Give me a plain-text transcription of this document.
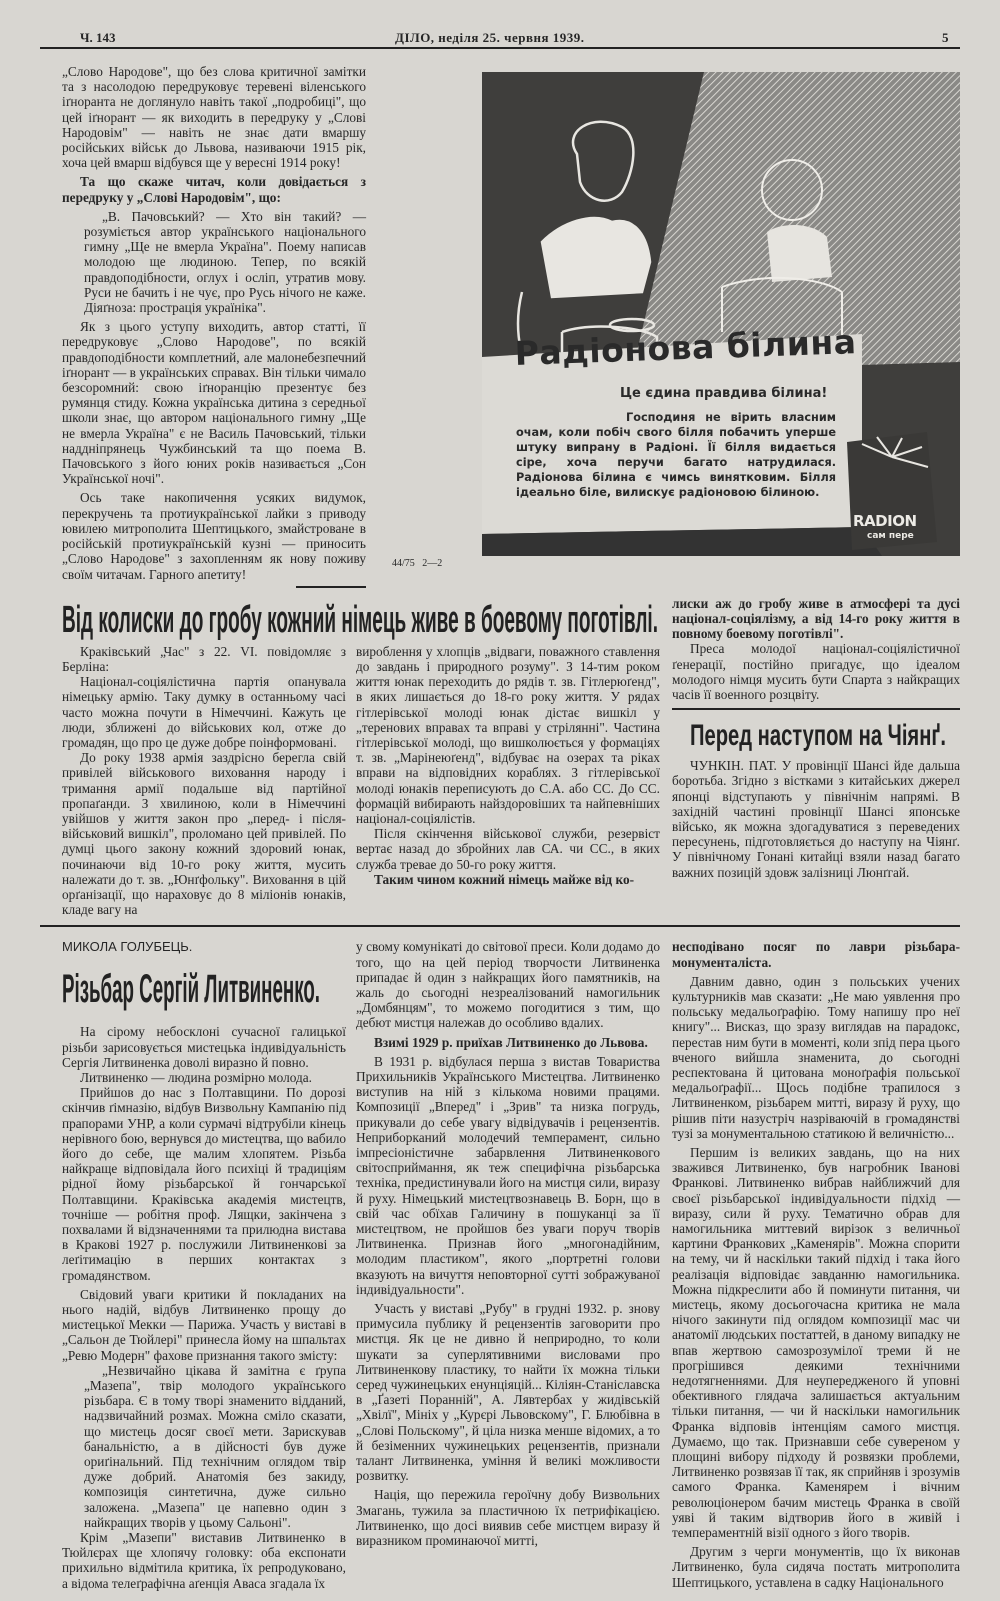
Ч. 143	ДІЛО, неділя 25. червня 1939.	5

„Слово Народове", що без слова критичної замітки та з насолодою передруковує теревені віленського іґноранта не доглянуло навіть такої „подробиці", що цей іґнорант — як виходить в передруку у „Слові Народовім" — навіть не знає дати вмаршу російських військ до Львова, називаючи 1915 рік, хоча цей вмарш відбувся ще у вересні 1914 року!

Та що скаже читач, коли довідається з передруку у „Слові Народовім", що:

„В. Пачовський? — Хто він такий? — розуміється автор українського національного гимну „Ще не вмерла Україна". Поему написав молодою ще людиною. Тепер, по всякій правдоподібности, оглух і осліп, утратив мову. Руси не бачить і не чує, про Русь нічого не каже. Діяґноза: прострація україніка".

Як з цього уступу виходить, автор статті, її передруковує „Слово Народове", по всякій правдоподібности комплетний, але малонебезпечний іґнорант — в українських справах. Він тільки чимало безсоромний: свою іґноранцію презентує без румянця стиду. Кожна українська дитина з середньої школи знає, що автором національного гимну „Ще не вмерла Україна" є не Василь Пачовський, тільки наддніпрянець Чужбинський та що поема В. Пачовського з його юних років називається „Сон Української ночі".

Ось таке накопичення усяких видумок, перекручень та протиукраїнської лайки з приводу ювилею митрополита Шептицького, змайстроване в російській протиукраїнській кузні — приносить „Слово Народове" з захопленням як нову поживу своїм читачам. Гарного апетиту!

Радіонова білина
Це єдина правдива білина!
Господиня не вірить власним очам, коли побіч свого білля побачить уперше штуку випрану в Радіоні. Її білля видається сіре, хоча перучи багато натрудилася. Радіонова білина є чимсь винятковим. Білля ідеально біле, вилискує радіоновою білиною.
RADION
сам пере
44/75   2—2
Від колиски до гробу кожний німець живе в боевому поготівлі.

Краківський „Час" з 22. VI. повідомляє з Берліна:

Націонал-соціялістична партія опанувала німецьку армію. Таку думку в останньому часі часто можна почути в Німеччині. Кажуть це люди, зближені до військових кол, отже до громадян, що про це дуже добре поінформовані.

До року 1938 армія заздрісно берегла свій привілей військового виховання народу і тримання армії подальше від партійної пропаґанди. З хвилиною, коли в Німеччині увійшов у життя закон про „перед- і після-військовий вишкіл", проломано цей привілей. По думці цього закону кожний здоровий юнак, починаючи від 10-го року життя, мусить належати до т. зв. „Юнґфольку". Виховання в цій орґанізації, що нараховує до 8 міліонів юнаків, кладе вагу на

вироблення у хлопців „відваги, поважного ставлення до завдань і природного розуму". З 14-тим роком життя юнак переходить до рядів т. зв. Гітлерюґенд", в яких лишається до 18-го року життя. У рядах гітлерівської молоді юнак дістає вишкіл у „теренових вправах та вправі у стрілянні". Частина гітлерівської молоді, що вишколюється у формаціях т. зв. „Марінеюґенд", відбуває на озерах та ріках вправи на відповідних кораблях. З гітлерівської молоді юнаків переписують до С.А. або СС. До СС. формацій вибирають найздоровіших та найпевніших націонал-соціялістів.

Після скінчення військової служби, резервіст вертає назад до збройних лав СА. чи СС., в яких служба тревае до 50-го року життя.

Таким чином кожний німець майже від ко-

лиски аж до гробу живе в атмосфері та дусі націонал-соціялізму, а від 14-го року життя в повному боевому поготівлі".

Преса молодої націонал-соціялістичної ґенерації, постійно пригадує, що ідеалом молодого німця мусить бути Спарта з найкращих часів її военного розцвіту.

Перед наступом на Чіянґ.

ЧУНКІН. ПАТ. У провінції Шансі йде дальша боротьба. Згідно з вістками з китайських джерел японці відступають у північнім напрямі. В західній частині провінції Шансі японське військо, як можна здогадуватися з переведених пересунень, підготовляється до наступу на Чіянґ. У північному Гонані китайці взяли назад багато важних позицій здовж залізниці Люнґгай.

МИКОЛА ГОЛУБЕЦЬ.
Різьбар Сергій Литвиненко.

На сірому небосклоні сучасної галицької різьби зарисовується мистецька індивідуальність Сергія Литвиненка доволі виразно й повно.

Литвиненко — людина розмірно молода.

Прийшов до нас з Полтавщини. По дорозі скінчив ґімназію, відбув Визвольну Кампанію під прапорами УНР, а коли сурмачі відтрубіли кінець нерівного бою, вернувся до мистецтва, що вабило його до себе, ще малим хлопятем. Різьба найкраще відповідала його психіці й традиціям рідної йому різьбарської й гончарської Полтавщини. Краківська академія мистецтв, точніше — робітня проф. Лящки, закінчена з похвалами й відзначеннями та прилюдна вистава в Кракові 1927 р. послужили Литвиненкові за леґітимацію в перших контактах з громадянством.

Свідовий уваги критики й покладаних на нього надій, відбув Литвиненко прощу до мистецької Мекки — Парижа. Участь у виставі в „Сальон де Тюйлері" принесла йому на шпальтах „Ревю Модерн" фахове признання такого змісту:

„Незвичайно цікава й замітна є ґрупа „Мазепа", твір молодого українського різьбара. Є в тому творі знаменито відданий, надзвичайний розмах. Можна сміло сказати, що мистець досяг своєї мети. Зарискував банальністю, а в дійсності був дуже ориґінальний. Під технічним оглядом твір дуже добрий. Анатомія без закиду, композиція синтетична, дуже сильно заложена. „Мазепа" це напевно один з найкращих творів у цьому Сальоні".

Крім „Мазепи" виставив Литвиненко в Тюйлєрах ще хлопячу головку: оба експонати прихильно відмітила критика, їх репродуковано, а відома телеґрафічна аґенція Аваса згадала їх

у свому комунікаті до світової преси. Коли додамо до того, що на цей період творчости Литвиненка припадає й один з найкращих його памятників, на жаль до сьогодні незреалізований намогильник „Домбянцям", то можемо погодитися з тим, що дебют мистця належав до особливо вдалих.

Взимі 1929 р. приїхав Литвиненко до Львова.

В 1931 р. відбулася перша з вистав Товариства Прихильників Українського Мистецтва. Литвиненко виступив на ній з кількома новими працями. Композиції „Вперед" і „Зрив" та низка погрудь, прикували до себе увагу відвідувачів і рецензентів. Неприборканий молодечий темперамент, сильно імпресіоністичне забарвлення Литвиненкового світосприймання, як теж специфічна різьбарська техніка, предистинували його на мистця сили, виразу й руху. Німецький мистецтвознавець В. Борн, що в свій час обїхав Галичину в пошуканці за її мистецтвом, не пройшов без уваги поруч творів Литвиненка. Признав його „многонадійним, молодим пластиком", якого „портретні голови вказують на вичуття неповторної сутті зображуваної індивідуальности".

Участь у виставі „Рубу" в грудні 1932. р. знову примусила публику й рецензентів заговорити про мистця. Як це не дивно й неприродно, то коли шукати за суперлятивними висловами про Литвиненкову пластику, то найти їх можна тільки серед чужинецьких енунціяцій... Кіліян-Станіславска в „Ґазеті Поранній", А. Лявтербах у жидівській „Хвілї", Мініх у „Курєрі Львовскому", Г. Блюбівна в „Слові Польскому", й ціла низка менше відомих, а то й безіменних чужинецьких рецензентів, признали талант Литвиненка, уміння й великі можливости розвитку.

Нація, що пережила героїчну добу Визвольних Змагань, тужила за пластичною їх петрифікацією. Литвиненко, що досі виявив себе мистцем виразу й виразником проминаючої митті,

несподівано посяг по лаври різьбара-монументаліста.

Давним давно, один з польських учених культурників мав сказати: „Не маю уявлення про польську медальоґрафію. Тому напишу про неї книгу"... Висказ, що зразу виглядав на парадокс, перестав ним бути в моменті, коли зпід пера цього вченого вийшла знаменита, до сьогодні респектована й цитована моноґрафія польської медальоґрафії... Щось подібне трапилося з Литвиненком, різьбарем митті, виразу й руху, що рішив піти назустріч назріваючій в громадянстві тузі за монументальною статикою й величністю...

Першим із великих завдань, що на них зважився Литвиненко, був нагробник Іванові Франкові. Литвиненко вибрав найближчий для своєї різьбарської індивідуальности підхід — виразу, сили й руху. Тематично обрав для намогильника миттевий вирізок з величньої картини Франкових „Каменярів". Можна спорити на тему, чи й наскільки такий підхід і така його реалізація відповідає завданню намогильника. Можна підкреслити або й поминути питання, чи мистець, якому досьогочасна критика не мала нічого закинути під оглядом композиції мас чи анатомії людських постаттей, в даному випадку не впав жертвою самозрозумілої треми й не прогрішився деякими технічними недотягненнями. Для неупередженого й уповні обективного глядача залишається актуальним тільки питання, — чи й наскільки намогильник Франка відповів інтенціям самого мистця. Думаємо, що так. Признавши себе сувереном у площині вибору підходу й розвязки проблеми, Литвиненко розвязав її так, як сприйняв і зрозумів самого Франка. Каменярем і вічним революціонером бачим мистець Франка в своїй уяві й таким відтворив його в живій і темпераментній візії одного з його творів.

Другим з черги монументів, що їх виконав Литвиненко, була сидяча постать митрополита Шептицького, уставлена в садку Національного
